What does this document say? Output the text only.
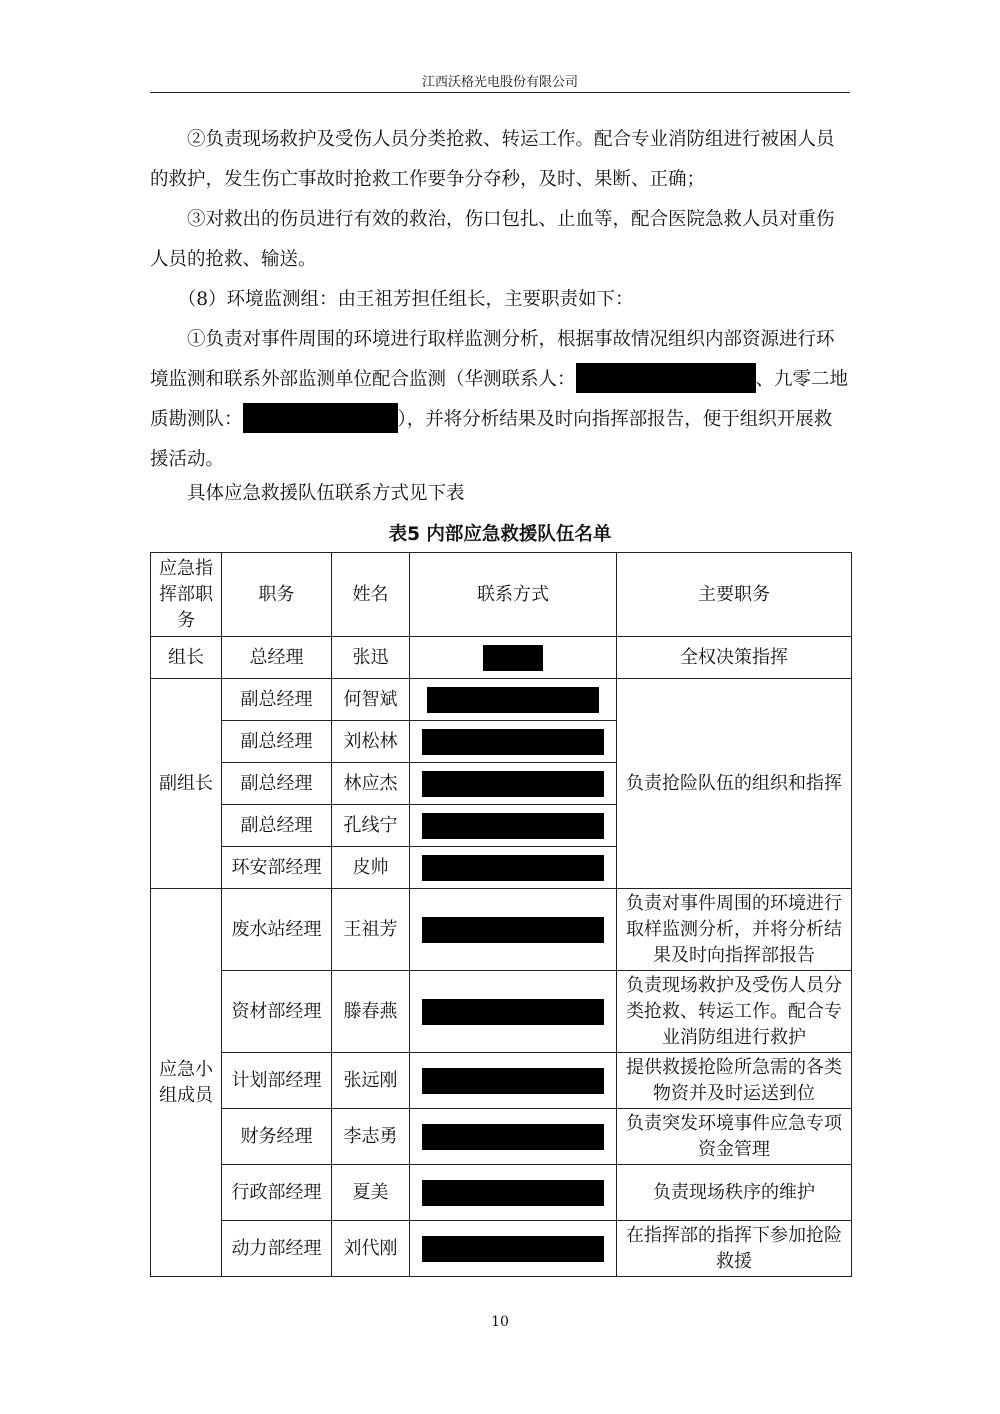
江西沃格光电股份有限公司

②负责现场救护及受伤人员分类抢救、转运工作。配合专业消防组进行被困人员的救护，发生伤亡事故时抢救工作要争分夺秒，及时、果断、正确；

③对救出的伤员进行有效的救治，伤口包扎、止血等，配合医院急救人员对重伤人员的抢救、输送。

（8）环境监测组：由王祖芳担任组长，主要职责如下：

①负责对事件周围的环境进行取样监测分析，根据事故情况组织内部资源进行环境监测和联系外部监测单位配合监测（华测联系人：	、九零二地质勘测队：	），并将分析结果及时向指挥部报告，便于组织开展救援活动。

具体应急救援队伍联系方式见下表

表5 内部应急救援队伍名单
应急指挥部职务	职务	姓名	联系方式	主要职务
组长	总经理	张迅		全权决策指挥
副组长	副总经理	何智斌		负责抢险队伍的组织和指挥
	副总经理	刘松林		

	副总经理	林应杰		

	副总经理	孔线宁		

	环安部经理	皮帅		

应急小组成员	废水站经理	王祖芳		负责对事件周围的环境进行取样监测分析，并将分析结果及时向指挥部报告
	资材部经理	滕春燕		负责现场救护及受伤人员分类抢救、转运工作。配合专业消防组进行救护
	计划部经理	张远刚		提供救援抢险所急需的各类物资并及时运送到位
	财务经理	李志勇		负责突发环境事件应急专项资金管理
	行政部经理	夏美		负责现场秩序的维护
	动力部经理	刘代刚		在指挥部的指挥下参加抢险救援
10
